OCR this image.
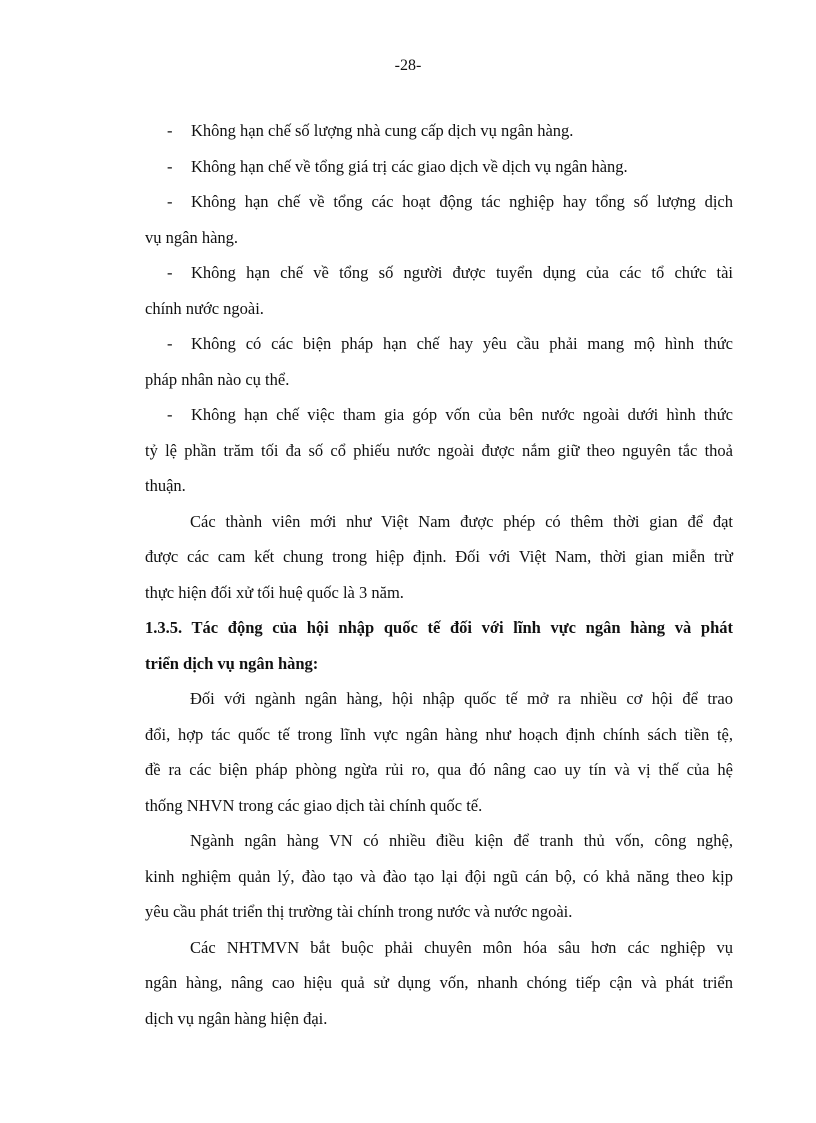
-28-
- Không hạn chế số lượng nhà cung cấp dịch vụ ngân hàng.
- Không hạn chế về tổng giá trị các giao dịch về dịch vụ ngân hàng.
- Không hạn chế về tổng các hoạt động tác nghiệp hay tổng số lượng dịch
vụ ngân hàng.
- Không hạn chế về tổng số người được tuyển dụng của các tổ chức tài
chính nước ngoài.
- Không có các biện pháp hạn chế hay yêu cầu phải mang mộ hình thức
pháp nhân nào cụ thể.
- Không hạn chế việc tham gia góp vốn của bên nước ngoài dưới hình thức
tỷ lệ phần trăm tối đa số cổ phiếu nước ngoài được nắm giữ theo nguyên tắc thoả
thuận.
Các thành viên mới như Việt Nam được phép có thêm thời gian để đạt
được các cam kết chung trong hiệp định. Đối với Việt Nam, thời gian miễn trừ
thực hiện đối xử tối huệ quốc là 3 năm.
1.3.5. Tác động của hội nhập quốc tế đối với lĩnh vực ngân hàng và phát
triển dịch vụ ngân hàng:
Đối với ngành ngân hàng, hội nhập quốc tế mở ra nhiều cơ hội để trao
đổi, hợp tác quốc tế trong lĩnh vực ngân hàng như hoạch định chính sách tiền tệ,
đề ra các biện pháp phòng ngừa rủi ro, qua đó nâng cao uy tín và vị thế của hệ
thống NHVN trong các giao dịch tài chính quốc tế.
Ngành ngân hàng VN có nhiều điều kiện để tranh thủ vốn, công nghệ,
kinh nghiệm quản lý, đào tạo và đào tạo lại đội ngũ cán bộ, có khả năng theo kịp
yêu cầu phát triển thị trường tài chính trong nước và nước ngoài.
Các NHTMVN bắt buộc phải chuyên môn hóa sâu hơn các nghiệp vụ
ngân hàng, nâng cao hiệu quả sử dụng vốn, nhanh chóng tiếp cận và phát triển
dịch vụ ngân hàng hiện đại.
